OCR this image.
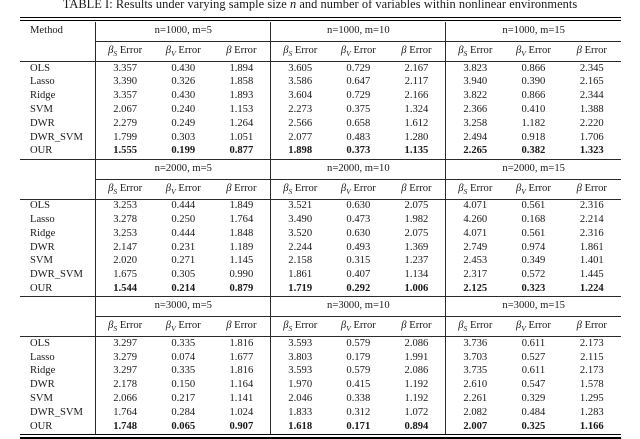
TABLE I: Results under varying sample size n and number of variables within nonlinear environments
Method	n=1000, m=5			n=1000, m=10			n=1000, m=15		
	$\beta_S$ Error	$\beta_V$ Error	β Error	$\beta_S$ Error	$\beta_V$ Error	β Error	$\beta_S$ Error	$\beta_V$ Error	β Error
OLS	3.357	0.430	1.894	3.605	0.729	2.167	3.823	0.866	2.345
Lasso	3.390	0.326	1.858	3.586	0.647	2.117	3.940	0.390	2.165
Ridge	3.357	0.430	1.893	3.604	0.729	2.166	3.822	0.866	2.344
SVM	2.067	0.240	1.153	2.273	0.375	1.324	2.366	0.410	1.388
DWR	2.279	0.249	1.264	2.566	0.658	1.612	3.258	1.182	2.220
DWR_SVM	1.799	0.303	1.051	2.077	0.483	1.280	2.494	0.918	1.706
OUR	1.555	0.199	0.877	1.898	0.373	1.135	2.265	0.382	1.323
	n=2000, m=5			n=2000, m=10			n=2000, m=15		
	$\beta_S$ Error	$\beta_V$ Error	β Error	$\beta_S$ Error	$\beta_V$ Error	β Error	$\beta_S$ Error	$\beta_V$ Error	β Error
OLS	3.253	0.444	1.849	3.521	0.630	2.075	4.071	0.561	2.316
Lasso	3.278	0.250	1.764	3.490	0.473	1.982	4.260	0.168	2.214
Ridge	3.253	0.444	1.848	3.520	0.630	2.075	4.071	0.561	2.316
DWR	2.147	0.231	1.189	2.244	0.493	1.369	2.749	0.974	1.861
SVM	2.020	0.271	1.145	2.158	0.315	1.237	2.453	0.349	1.401
DWR_SVM	1.675	0.305	0.990	1.861	0.407	1.134	2.317	0.572	1.445
OUR	1.544	0.214	0.879	1.719	0.292	1.006	2.125	0.323	1.224
	n=3000, m=5			n=3000, m=10			n=3000, m=15		
	$\beta_S$ Error	$\beta_V$ Error	β Error	$\beta_S$ Error	$\beta_V$ Error	β Error	$\beta_S$ Error	$\beta_V$ Error	β Error
OLS	3.297	0.335	1.816	3.593	0.579	2.086	3.736	0.611	2.173
Lasso	3.279	0.074	1.677	3.803	0.179	1.991	3.703	0.527	2.115
Ridge	3.297	0.335	1.816	3.593	0.579	2.086	3.735	0.611	2.173
DWR	2.178	0.150	1.164	1.970	0.415	1.192	2.610	0.547	1.578
SVM	2.066	0.217	1.141	2.046	0.338	1.192	2.261	0.329	1.295
DWR_SVM	1.764	0.284	1.024	1.833	0.312	1.072	2.082	0.484	1.283
OUR	1.748	0.065	0.907	1.618	0.171	0.894	2.007	0.325	1.166
